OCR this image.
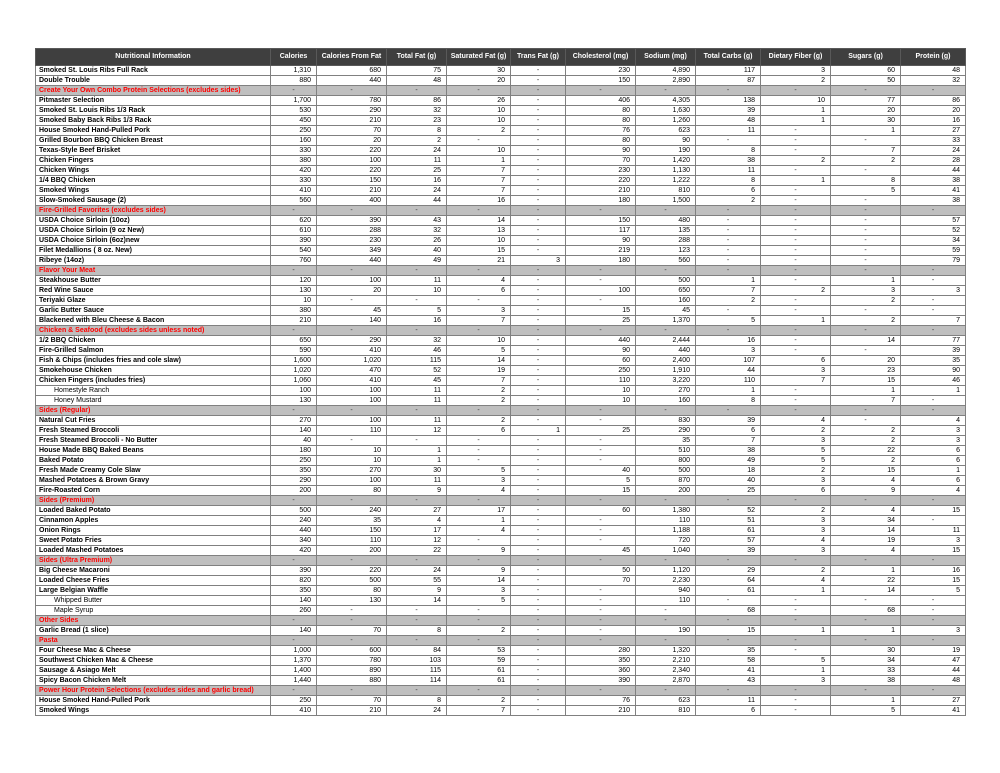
Nutritional Information	Calories	Calories From Fat	Total Fat (g)	Saturated Fat (g)	Trans Fat (g)	Cholesterol (mg)	Sodium (mg)	Total Carbs (g)	Dietary Fiber (g)	Sugars (g)	Protein (g)
Smoked St. Louis Ribs Full Rack	1,310	680	75	30	-	230	4,890	117	3	60	48
Double Trouble	880	440	48	20	-	150	2,890	87	2	50	32
Create Your Own Combo Protein Selections (excludes sides)	-	-	-	-	-	-	-	-	-	-	-
Pitmaster Selection	1,700	780	86	26	-	406	4,305	138	10	77	86
Smoked St. Louis Ribs 1/3 Rack	530	290	32	10	-	80	1,630	39	1	20	20
Smoked Baby Back Ribs 1/3 Rack	450	210	23	10	-	80	1,260	48	1	30	16
House Smoked Hand-Pulled Pork	250	70	8	2	-	76	623	11	-	1	27
Grilled Bourbon BBQ Chicken Breast	160	20	2	-	-	80	90	-	-	-	33
Texas-Style Beef Brisket	330	220	24	10	-	90	190	8	-	7	24
Chicken Fingers	380	100	11	1	-	70	1,420	38	2	2	28
Chicken Wings	420	220	25	7	-	230	1,130	11	-	-	44
1/4 BBQ Chicken	330	150	16	7	-	220	1,222	8	1	8	38
Smoked Wings	410	210	24	7	-	210	810	6	-	5	41
Slow-Smoked Sausage (2)	560	400	44	16	-	180	1,500	2	-	-	38
Fire-Grilled Favorites (excludes sides)	-	-	-	-	-	-	-	-	-	-	-
USDA Choice Sirloin (10oz)	620	390	43	14	-	150	480	-	-	-	57
USDA Choice Sirloin (9 oz New)	610	288	32	13	-	117	135	-	-	-	52
USDA Choice Sirloin (6oz)new	390	230	26	10	-	90	288	-	-	-	34
Filet Medallions ( 8 oz. New)	540	349	40	15	-	219	123	-	-	-	59
Ribeye (14oz)	760	440	49	21	3	180	560	-	-	-	79
Flavor Your Meat	-	-	-	-	-	-	-	-	-	-	-
Steakhouse Butter	120	100	11	4	-	-	500	1	-	1	-
Red Wine Sauce	130	20	10	6	-	100	650	7	2	3	3
Teriyaki Glaze	10	-	-	-	-	-	160	2	-	2	-
Garlic Butter Sauce	380	45	5	3	-	15	45	-	-	-	-
Blackened with Bleu Cheese & Bacon	210	140	16	7	-	25	1,370	5	1	2	7
Chicken & Seafood (excludes sides unless noted)	-	-	-	-	-	-	-	-	-	-	-
1/2 BBQ Chicken	650	290	32	10	-	440	2,444	16	-	14	77
Fire-Grilled Salmon	590	410	46	5	-	90	440	3	-	-	39
Fish & Chips (includes fries and cole slaw)	1,600	1,020	115	14	-	60	2,400	107	6	20	35
Smokehouse Chicken	1,020	470	52	19	-	250	1,910	44	3	23	90
Chicken Fingers (includes fries)	1,060	410	45	7	-	110	3,220	110	7	15	46
Homestyle Ranch	100	100	11	2	-	10	270	1	-	1	1
Honey Mustard	130	100	11	2	-	10	160	8	-	7	-
Sides (Regular)	-	-	-	-	-	-	-	-	-	-	-
Natural Cut Fries	270	100	11	2	-	-	830	39	4	-	4
Fresh Steamed Broccoli	140	110	12	6	1	25	290	6	2	2	3
Fresh Steamed Broccoli - No Butter	40	-	-	-	-	-	35	7	3	2	3
House Made BBQ Baked Beans	180	10	1	-	-	-	510	38	5	22	6
Baked Potato	250	10	1	-	-	-	800	49	5	2	6
Fresh Made Creamy Cole Slaw	350	270	30	5	-	40	500	18	2	15	1
Mashed Potatoes & Brown Gravy	290	100	11	3	-	5	870	40	3	4	6
Fire-Roasted Corn	200	80	9	4	-	15	200	25	6	9	4
Sides (Premium)	-	-	-	-	-	-	-	-	-	-	-
Loaded Baked Potato	500	240	27	17	-	60	1,380	52	2	4	15
Cinnamon Apples	240	35	4	1	-	-	110	51	3	34	-
Onion Rings	440	150	17	4	-	-	1,188	61	3	14	11
Sweet Potato Fries	340	110	12	-	-	-	720	57	4	19	3
Loaded Mashed Potatoes	420	200	22	9	-	45	1,040	39	3	4	15
Sides (Ultra Premium)	-	-	-	-	-	-	-	-	-	-	-
Big Cheese Macaroni	390	220	24	9	-	50	1,120	29	2	1	16
Loaded Cheese Fries	820	500	55	14	-	70	2,230	64	4	22	15
Large Belgian Waffle	350	80	9	3	-	-	940	61	1	14	5
Whipped Butter	140	130	14	5	-	-	110	-	-	-	-
Maple Syrup	260	-	-	-	-	-	-	68	-	68	-
Other Sides	-	-	-	-	-	-	-	-	-	-	-
Garlic Bread (1 slice)	140	70	8	2	-	-	190	15	1	1	3
Pasta	-	-	-	-	-	-	-	-	-	-	-
Four Cheese Mac & Cheese	1,000	600	84	53	-	280	1,320	35	-	30	19
Southwest Chicken Mac & Cheese	1,370	780	103	59	-	350	2,210	58	5	34	47
Sausage & Asiago Melt	1,400	890	115	61	-	360	2,340	41	1	33	44
Spicy Bacon Chicken Melt	1,440	880	114	61	-	390	2,870	43	3	38	48
Power Hour Protein Selections (excludes sides and garlic bread)	-	-	-	-	-	-	-	-	-	-	-
House Smoked Hand-Pulled Pork	250	70	8	2	-	76	623	11	-	1	27
Smoked Wings	410	210	24	7	-	210	810	6	-	5	41
